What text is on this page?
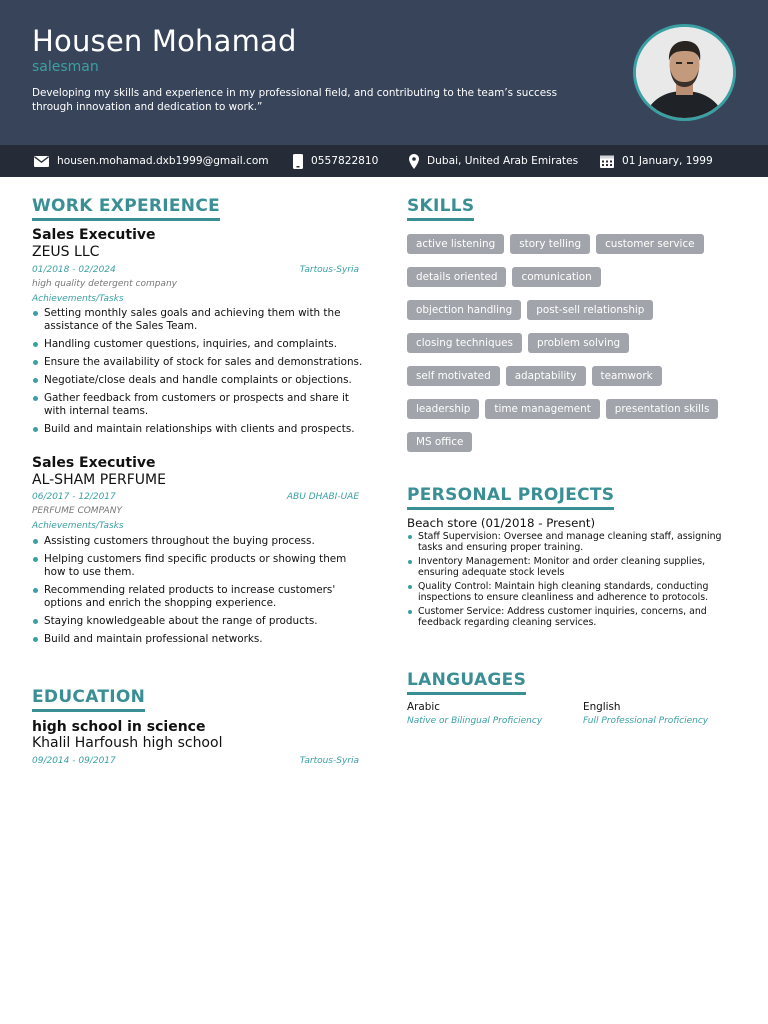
Housen Mohamad
salesman
Developing my skills and experience in my professional field, and contributing to the team’s success through innovation and dedication to work.”
housen.mohamad.dxb1999@gmail.com	0557822810	Dubai, United Arab Emirates	01 January, 1999
WORK EXPERIENCE
Sales Executive
ZEUS LLC
01/2018 - 02/2024	Tartous-Syria
high quality detergent company
Achievements/Tasks
Setting monthly sales goals and achieving them with the assistance of the Sales Team.
Handling customer questions, inquiries, and complaints.
Ensure the availability of stock for sales and demonstrations.
Negotiate/close deals and handle complaints or objections.
Gather feedback from customers or prospects and share it with internal teams.
Build and maintain relationships with clients and prospects.
Sales Executive
AL-SHAM PERFUME
06/2017 - 12/2017	ABU DHABI-UAE
PERFUME COMPANY
Achievements/Tasks
Assisting customers throughout the buying process.
Helping customers find specific products or showing them how to use them.
Recommending related products to increase customers' options and enrich the shopping experience.
Staying knowledgeable about the range of products.
Build and maintain professional networks.
EDUCATION
high school in science
Khalil Harfoush high school
09/2014 - 09/2017	Tartous-Syria
SKILLS
active listening story telling customer service
details oriented comunication
objection handling post-sell relationship
closing techniques problem solving
self motivated adaptability teamwork
leadership time management presentation skills
MS office
PERSONAL PROJECTS
Beach store (01/2018 - Present)
Staff Supervision: Oversee and manage cleaning staff, assigning tasks and ensuring proper training.
Inventory Management: Monitor and order cleaning supplies, ensuring adequate stock levels
Quality Control: Maintain high cleaning standards, conducting inspections to ensure cleanliness and adherence to protocols.
Customer Service: Address customer inquiries, concerns, and feedback regarding cleaning services.
LANGUAGES
Arabic
Native or Bilingual Proficiency
English
Full Professional Proficiency
